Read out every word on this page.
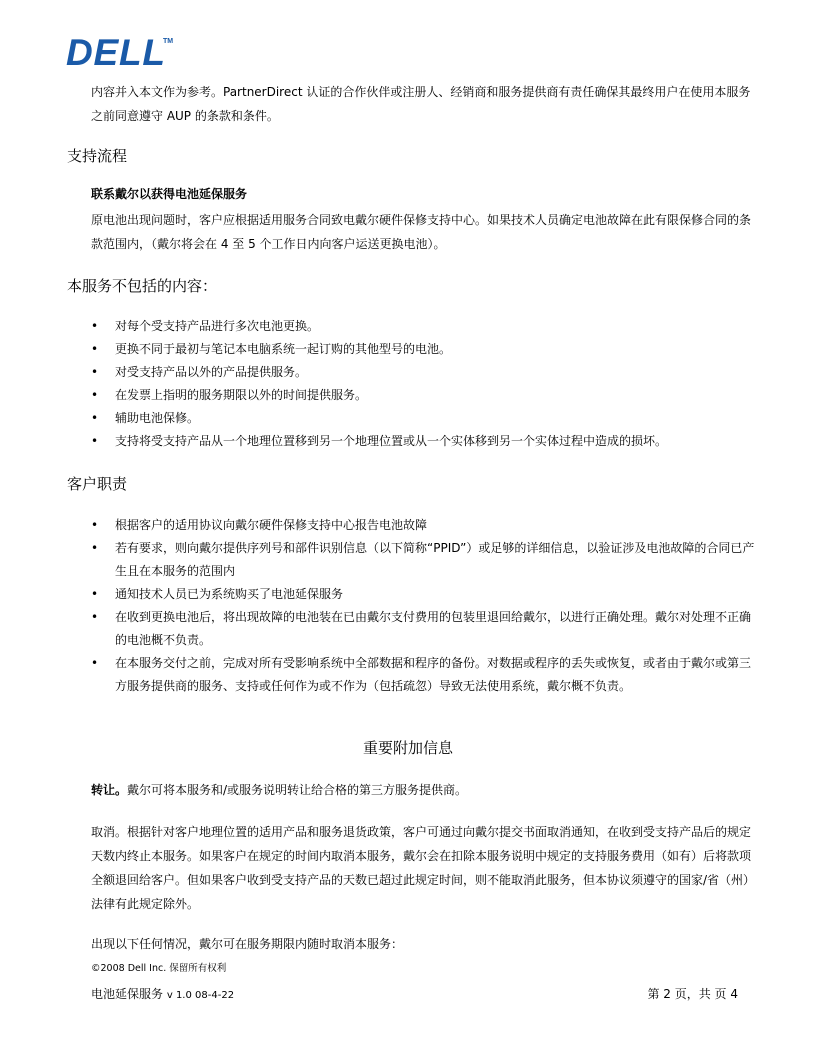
DELL TM

内容并入本文作为参考。PartnerDirect 认证的合作伙伴或注册人、经销商和服务提供商有责任确保其最终用户在使用本服务之前同意遵守 AUP 的条款和条件。

支持流程
联系戴尔以获得电池延保服务

原电池出现问题时，客户应根据适用服务合同致电戴尔硬件保修支持中心。如果技术人员确定电池故障在此有限保修合同的条款范围内，（戴尔将会在 4 至 5 个工作日内向客户运送更换电池）。

本服务不包括的内容：
• 对每个受支持产品进行多次电池更换。
• 更换不同于最初与笔记本电脑系统一起订购的其他型号的电池。
• 对受支持产品以外的产品提供服务。
• 在发票上指明的服务期限以外的时间提供服务。
• 辅助电池保修。
• 支持将受支持产品从一个地理位置移到另一个地理位置或从一个实体移到另一个实体过程中造成的损坏。
客户职责
• 根据客户的适用协议向戴尔硬件保修支持中心报告电池故障
• 若有要求，则向戴尔提供序列号和部件识别信息（以下简称“PPID”）或足够的详细信息，以验证涉及电池故障的合同已产生且在本服务的范围内
• 通知技术人员已为系统购买了电池延保服务
• 在收到更换电池后，将出现故障的电池装在已由戴尔支付费用的包装里退回给戴尔，以进行正确处理。戴尔对处理不正确的电池概不负责。
• 在本服务交付之前，完成对所有受影响系统中全部数据和程序的备份。对数据或程序的丢失或恢复，或者由于戴尔或第三方服务提供商的服务、支持或任何作为或不作为（包括疏忽）导致无法使用系统，戴尔概不负责。
重要附加信息

转让。戴尔可将本服务和/或服务说明转让给合格的第三方服务提供商。

取消。根据针对客户地理位置的适用产品和服务退货政策，客户可通过向戴尔提交书面取消通知，在收到受支持产品后的规定天数内终止本服务。如果客户在规定的时间内取消本服务，戴尔会在扣除本服务说明中规定的支持服务费用（如有）后将款项全额退回给客户。但如果客户收到受支持产品的天数已超过此规定时间，则不能取消此服务，但本协议须遵守的国家/省（州）法律有此规定除外。

出现以下任何情况，戴尔可在服务期限内随时取消本服务：

©2008 Dell Inc. 保留所有权利
电池延保服务 v 1.0 08-4-22	第 2 页，共 页 4
